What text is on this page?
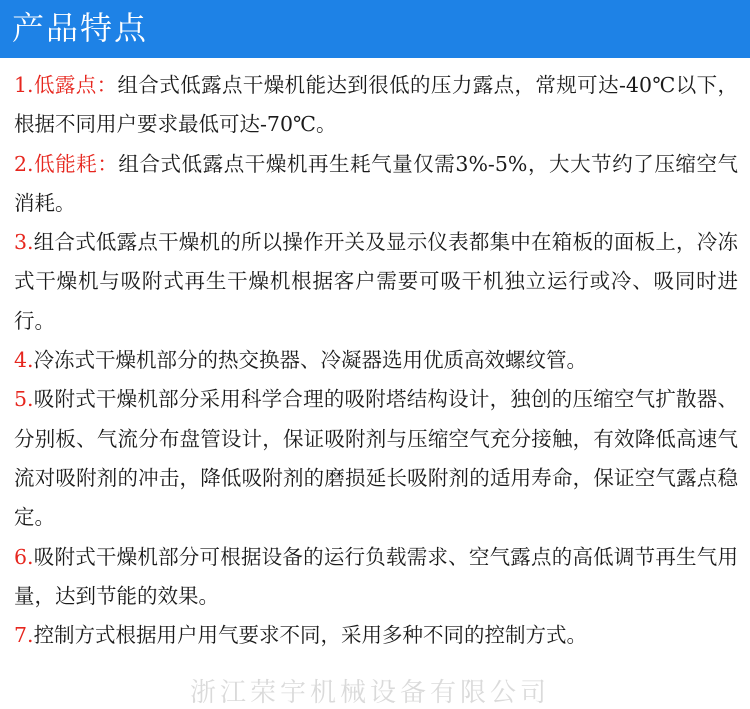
产品特点
1.低露点：组合式低露点干燥机能达到很低的压力露点，常规可达-40℃以下，根据不同用户要求最低可达-70℃。
2.低能耗：组合式低露点干燥机再生耗气量仅需3%-5%，大大节约了压缩空气消耗。
3.组合式低露点干燥机的所以操作开关及显示仪表都集中在箱板的面板上，冷冻式干燥机与吸附式再生干燥机根据客户需要可吸干机独立运行或冷、吸同时进行。
4.冷冻式干燥机部分的热交换器、冷凝器选用优质高效螺纹管。
5.吸附式干燥机部分采用科学合理的吸附塔结构设计，独创的压缩空气扩散器、分别板、气流分布盘管设计，保证吸附剂与压缩空气充分接触，有效降低高速气流对吸附剂的冲击，降低吸附剂的磨损延长吸附剂的适用寿命，保证空气露点稳定。
6.吸附式干燥机部分可根据设备的运行负载需求、空气露点的高低调节再生气用量，达到节能的效果。
7.控制方式根据用户用气要求不同，采用多种不同的控制方式。
浙江荣宇机械设备有限公司
